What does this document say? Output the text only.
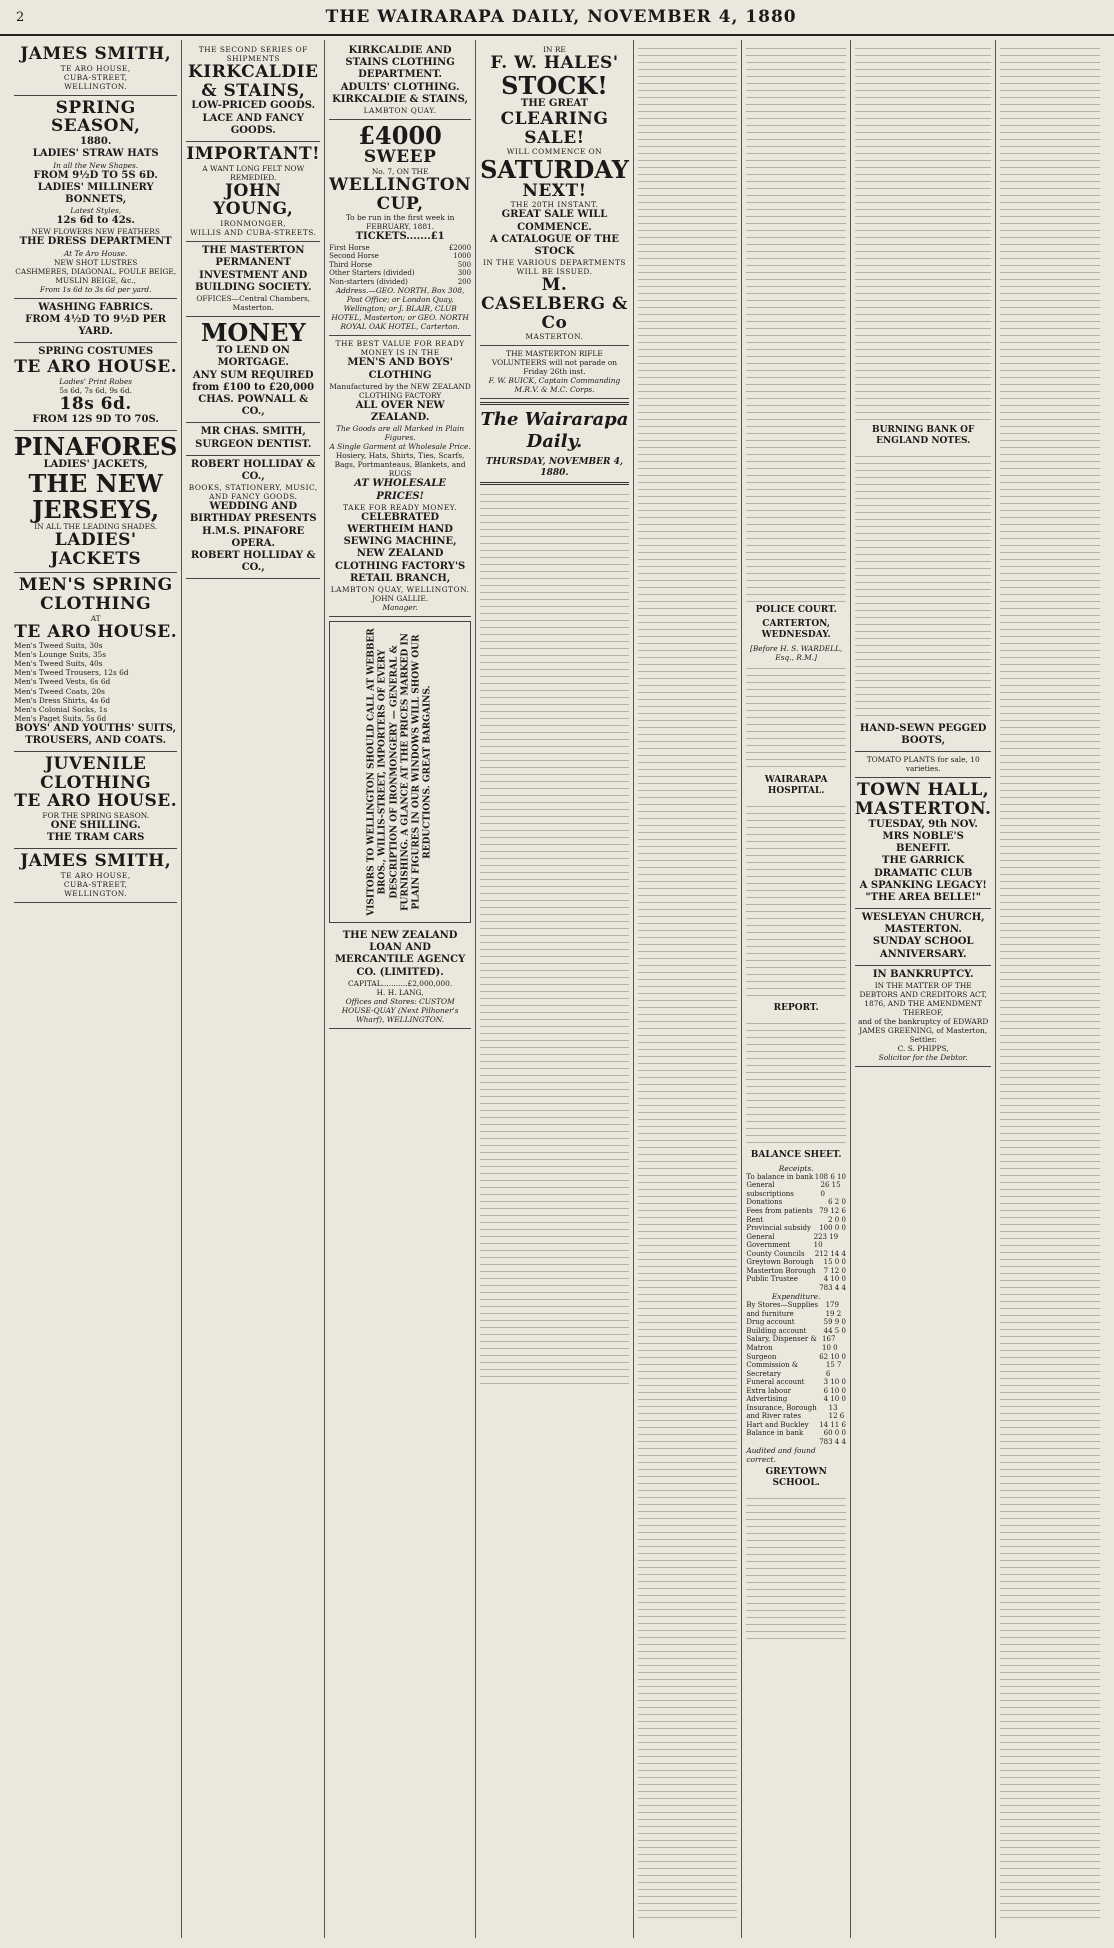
2	THE WAIRARAPA DAILY, NOVEMBER 4, 1880
JAMES SMITH,
TE ARO HOUSE,
CUBA-STREET,
WELLINGTON.
SPRING SEASON,
1880.
LADIES' STRAW HATS
In all the New Shapes.
FROM 9½D TO 5S 6D.
LADIES' MILLINERY BONNETS,
Latest Styles,
12s 6d to 42s.
NEW FLOWERS NEW FEATHERS
THE DRESS DEPARTMENT
At Te Aro House.
NEW SHOT LUSTRES
CASHMERES, DIAGONAL, FOULE BEIGE, MUSLIN BEIGE, &c.,
From 1s 6d to 3s 6d per yard.
WASHING FABRICS.
FROM 4½D TO 9½D PER YARD.
SPRING COSTUMES
TE ARO HOUSE.
Ladies' Print Robes
5s 6d, 7s 6d, 9s 6d.
18s 6d.
FROM 12S 9D TO 70S.
PINAFORES
LADIES' JACKETS,
THE NEW JERSEYS,
IN ALL THE LEADING SHADES.
LADIES' JACKETS
MEN'S SPRING CLOTHING
AT
TE ARO HOUSE.
Men's Tweed Suits, 30s
Men's Lounge Suits, 35s
Men's Tweed Suits, 40s
Men's Tweed Trousers, 12s 6d
Men's Tweed Vests, 6s 6d
Men's Tweed Coats, 20s
Men's Dress Shirts, 4s 6d
Men's Colonial Socks, 1s
Men's Paget Suits, 5s 6d
BOYS' AND YOUTHS' SUITS, TROUSERS, AND COATS.
JUVENILE CLOTHING
TE ARO HOUSE.
FOR THE SPRING SEASON.
ONE SHILLING.
THE TRAM CARS
JAMES SMITH,
TE ARO HOUSE,
CUBA-STREET,
WELLINGTON.
THE SECOND SERIES OF SHIPMENTS
KIRKCALDIE & STAINS,
LOW-PRICED GOODS.
LACE AND FANCY GOODS.
IMPORTANT!
A WANT LONG FELT NOW REMEDIED.
JOHN YOUNG,
IRONMONGER,
WILLIS AND CUBA-STREETS.
THE MASTERTON PERMANENT INVESTMENT AND BUILDING SOCIETY.
OFFICES—Central Chambers, Masterton.
MONEY
TO LEND ON MORTGAGE.
ANY SUM REQUIRED from £100 to £20,000
CHAS. POWNALL & CO.,
MR CHAS. SMITH, SURGEON DENTIST.
ROBERT HOLLIDAY & CO.,
BOOKS, STATIONERY, MUSIC, AND FANCY GOODS.
WEDDING AND BIRTHDAY PRESENTS
H.M.S. PINAFORE OPERA.
ROBERT HOLLIDAY & CO.,
KIRKCALDIE AND STAINS CLOTHING DEPARTMENT.
ADULTS' CLOTHING.
KIRKCALDIE & STAINS,
LAMBTON QUAY.
£4000
SWEEP
No. 7, ON THE
WELLINGTON CUP,
To be run in the first week in FEBRUARY, 1881.
TICKETS.......£1
First Horse	£2000
Second Horse	1000
Third Horse	500
Other Starters (divided)	300
Non-starters (divided)	200
Address.—GEO. NORTH, Box 308, Post Office; or London Quay, Wellington; or J. BLAIR, CLUB HOTEL, Masterton; or GEO. NORTH ROYAL OAK HOTEL, Carterton.
THE BEST VALUE FOR READY MONEY IS IN THE
MEN'S AND BOYS' CLOTHING
Manufactured by the NEW ZEALAND CLOTHING FACTORY
ALL OVER NEW ZEALAND.
The Goods are all Marked in Plain Figures.
A Single Garment at Wholesale Price.
Hosiery, Hats, Shirts, Ties, Scarfs, Bags, Portmanteaus, Blankets, and RUGS
AT WHOLESALE PRICES!
TAKE FOR READY MONEY.
CELEBRATED WERTHEIM HAND SEWING MACHINE,
NEW ZEALAND CLOTHING FACTORY'S RETAIL BRANCH,
LAMBTON QUAY, WELLINGTON.
JOHN GALLIE.
Manager.
VISITORS TO WELLINGTON SHOULD CALL AT WEBBER BROS., WILLIS-STREET, IMPORTERS OF EVERY DESCRIPTION OF IRONMONGERY — GENERAL & FURNISHING. A GLANCE AT THE PRICES MARKED IN PLAIN FIGURES IN OUR WINDOWS WILL SHOW OUR REDUCTIONS. GREAT BARGAINS.
THE NEW ZEALAND LOAN AND MERCANTILE AGENCY CO. (LIMITED).
CAPITAL...........£2,000,000.
H. H. LANG,
Offices and Stores: CUSTOM HOUSE-QUAY (Next Pilhoner's Wharf), WELLINGTON.
IN RE
F. W. HALES'
STOCK!
THE GREAT
CLEARING SALE!
WILL COMMENCE ON
SATURDAY
NEXT!
THE 20TH INSTANT.
GREAT SALE WILL COMMENCE.
A CATALOGUE OF THE STOCK
IN THE VARIOUS DEPARTMENTS
WILL BE ISSUED.
M. CASELBERG & Co
MASTERTON.
THE MASTERTON RIFLE VOLUNTEERS will not parade on Friday 26th inst.
F. W. BUICK, Captain Commanding M.R.V. & M.C. Corps.
The Wairarapa Daily.
THURSDAY, NOVEMBER 4, 1880.
POLICE COURT.
CARTERTON, WEDNESDAY.
[Before H. S. WARDELL, Esq., R.M.]
WAIRARAPA HOSPITAL.
REPORT.
BALANCE SHEET.
Receipts.
To balance in bank 108 6 10
General subscriptions
26 15 0
Donations	6 2 0
Fees from patients 79 12 6
Rent	2 0 0
Provincial subsidy 100 0 0
General Government
223 19 10
County Councils 212 14 4
Greytown Borough 15 0 0
Masterton Borough 7 12 0
Public Trustee	4 10 0
783 4 4
Expenditure.
By Stores—Supplies and furniture
179 19 2
Drug account	59 9 0
Building account 44 5 0
Salary, Dispenser & Matron
167 10 0
Surgeon	62 10 0
Commission & Secretary
15 7 6
Funeral account	3 10 0
Extra labour	6 10 0
Advertising	4 10 0
Insurance, Borough and River rates
13 12 6
Hart and Buckley 14 11 6
Balance in bank	60 0 0
783 4 4
Audited and found correct.
GREYTOWN SCHOOL.
BURNING BANK OF ENGLAND NOTES.
HAND-SEWN PEGGED BOOTS,
TOMATO PLANTS for sale, 10 varieties.
TOWN HALL, MASTERTON.
TUESDAY, 9th NOV.
MRS NOBLE'S BENEFIT.
THE GARRICK DRAMATIC CLUB
A SPANKING LEGACY!
"THE AREA BELLE!"
WESLEYAN CHURCH, MASTERTON.
SUNDAY SCHOOL ANNIVERSARY.
IN BANKRUPTCY.
IN THE MATTER OF THE DEBTORS AND CREDITORS ACT, 1876, AND THE AMENDMENT THEREOF,
and of the bankruptcy of EDWARD JAMES GREENING, of Masterton, Settler.
C. S. PHIPPS,
Solicitor for the Debtor.
